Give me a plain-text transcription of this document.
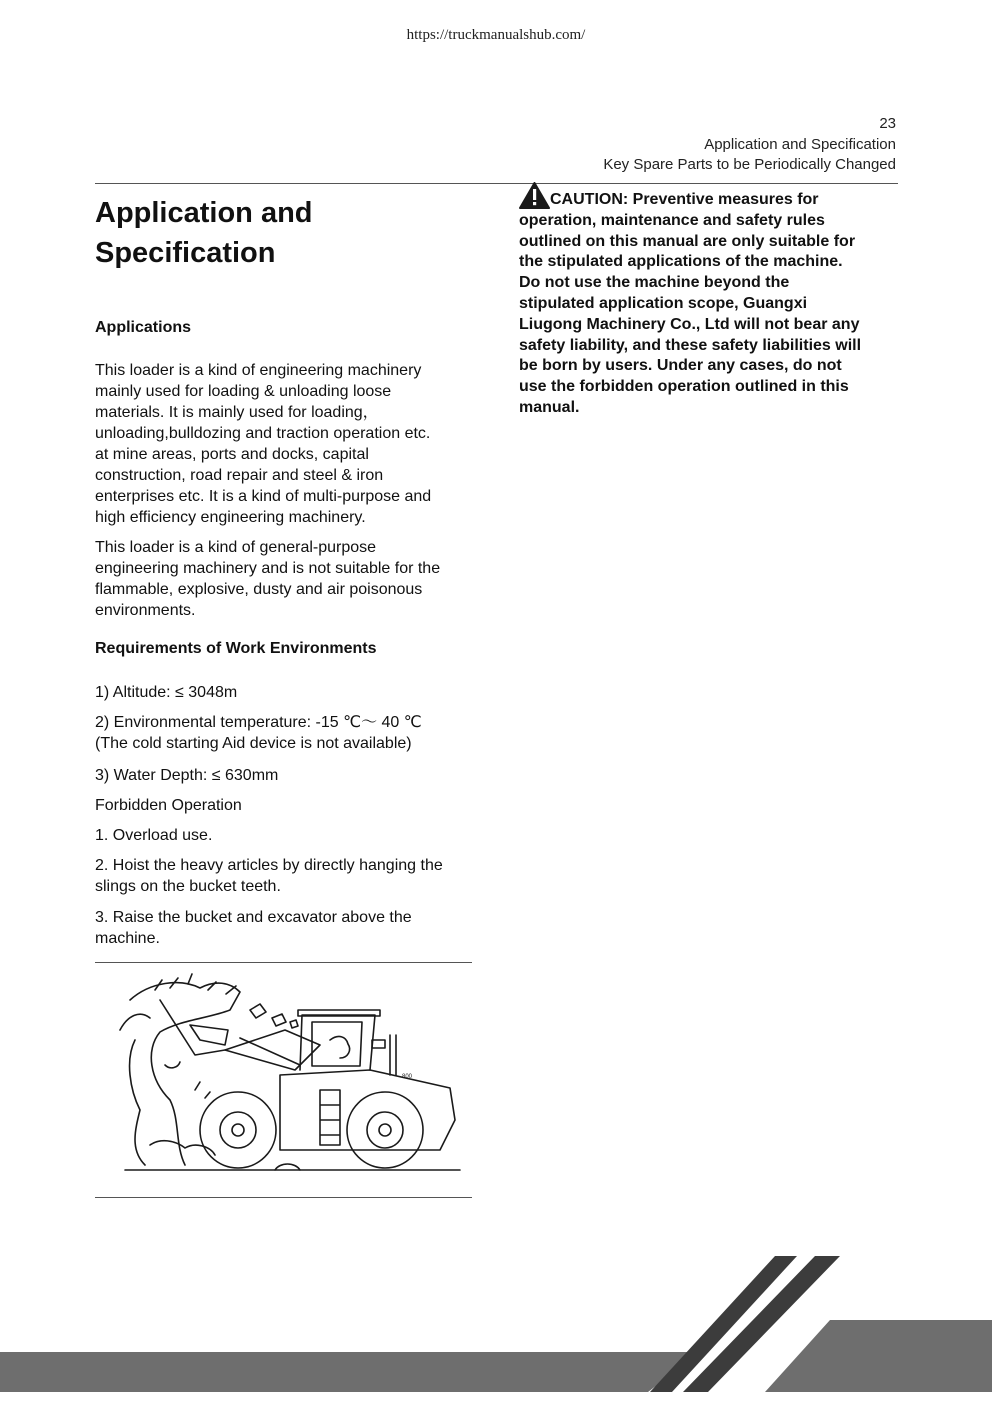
https://truckmanualshub.com/
23
Application and Specification
Key Spare Parts to be Periodically Changed
Application and
Specification
Applications
This loader is a kind of engineering machinery
mainly used for loading & unloading loose
materials. It is mainly used for loading，
unloading,bulldozing and traction operation etc.
at mine areas, ports and docks, capital
construction, road repair and steel & iron
enterprises etc. It is a kind of multi-purpose and
high efficiency engineering machinery.
This loader is a kind of general-purpose
engineering machinery and is not suitable for the
flammable, explosive, dusty and air poisonous
environments.
Requirements of Work Environments
1) Altitude: ≤ 3048m
2) Environmental temperature: -15 ℃～ 40 ℃
(The cold starting Aid device is not available)
3) Water Depth: ≤ 630mm
Forbidden Operation
1. Overload use.
2. Hoist the heavy articles by directly hanging the
slings on the bucket teeth.
3. Raise the bucket and excavator above the
machine.
CAUTION: Preventive measures for
operation, maintenance and safety rules
outlined on this manual are only suitable for
the stipulated applications of the machine.
Do not use the machine beyond the
stipulated application scope, Guangxi
Liugong Machinery Co., Ltd will not bear any
safety liability, and these safety liabilities will
be born by users. Under any cases, do not
use the forbidden operation outlined in this
manual.
800
